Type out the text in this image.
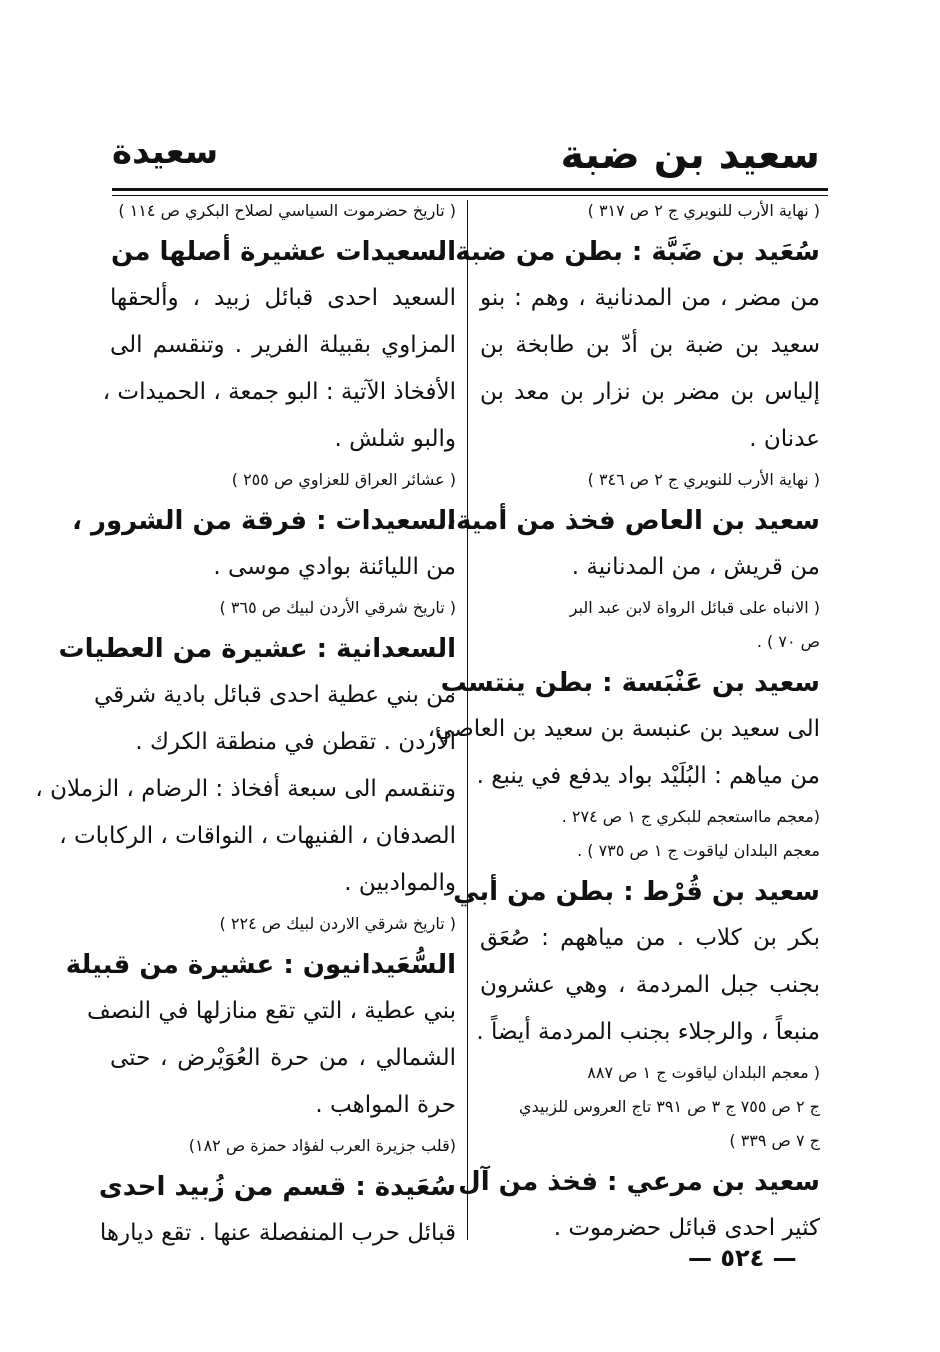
سعيدة	سعيد بن ضبة
( نهاية الأرب للنويري ج ٢ ص ٣١٧ )
سُعَيد بن ضَبَّة : بطن من ضبة ،
من مضر ، من المدنانية ، وهم : بنو
سعيد بن ضبة بن أدّ بن طابخة بن
إلياس بن مضر بن نزار بن معد بن
عدنان .
( نهاية الأرب للنويري ج ٢ ص ٣٤٦ )
سعيد بن العاص فخذ من أمية،
من قريش ، من المدنانية .
( الانباه على قبائل الرواة لابن عبد البر
ص ٧٠ ) .
سعيد بن عَنْبَسة : بطن ينتسب
الى سعيد بن عنبسة بن سعيد بن العاصي،
من مياهم : البُلَيْد بواد يدفع في ينبع .
(معجم مااستعجم للبكري ج ١ ص ٢٧٤ .
معجم البلدان لياقوت ج ١ ص ٧٣٥ ) .
سعيد بن قُرْط : بطن من أبي
بكر بن كلاب . من مياههم : صُعَق
بجنب جبل المردمة ، وهي عشرون
منبعاً ، والرجلاء بجنب المردمة أيضاً .
( معجم البلدان لياقوت ج ١ ص ٨٨٧
ج ٢ ص ٧٥٥ ج ٣ ص ٣٩١ تاج العروس للزبيدي
ج ٧ ص ٣٣٩ )
سعيد بن مرعي : فخذ من آل
كثير احدى قبائل حضرموت .
( تاريخ حضرموت السياسي لصلاح البكري ص ١١٤ )
السعيدات عشيرة أصلها من
السعيد احدى قبائل زبيد ، وألحقها
المزاوي بقبيلة الفرير . وتنقسم الى
الأفخاذ الآتية : البو جمعة ، الحميدات ،
والبو شلش .
( عشائر العراق للعزاوي ص ٢٥٥ )
السعيدات : فرقة من الشرور ،
من الليائنة بوادي موسى .
( تاريخ شرقي الأردن لبيك ص ٣٦٥ )
السعدانية : عشيرة من العطيات
من بني عطية احدى قبائل بادية شرقي
الأردن . تقطن في منطقة الكرك .
وتنقسم الى سبعة أفخاذ : الرضام ، الزملان ،
الصدفان ، الفنيهات ، النواقات ، الركابات ،
والموادبين .
( تاريخ شرقي الاردن لبيك ص ٢٢٤ )
السُّعَيدانيون : عشيرة من قبيلة
بني عطية ، التي تقع منازلها في النصف
الشمالي ، من حرة العُوَيْرض ، حتى
حرة المواهب .
(قلب جزيرة العرب لفؤاد حمزة ص ١٨٢)
سُعَيدة : قسم من زُبيد احدى
قبائل حرب المنفصلة عنها . تقع ديارها
— ٥٢٤ —
